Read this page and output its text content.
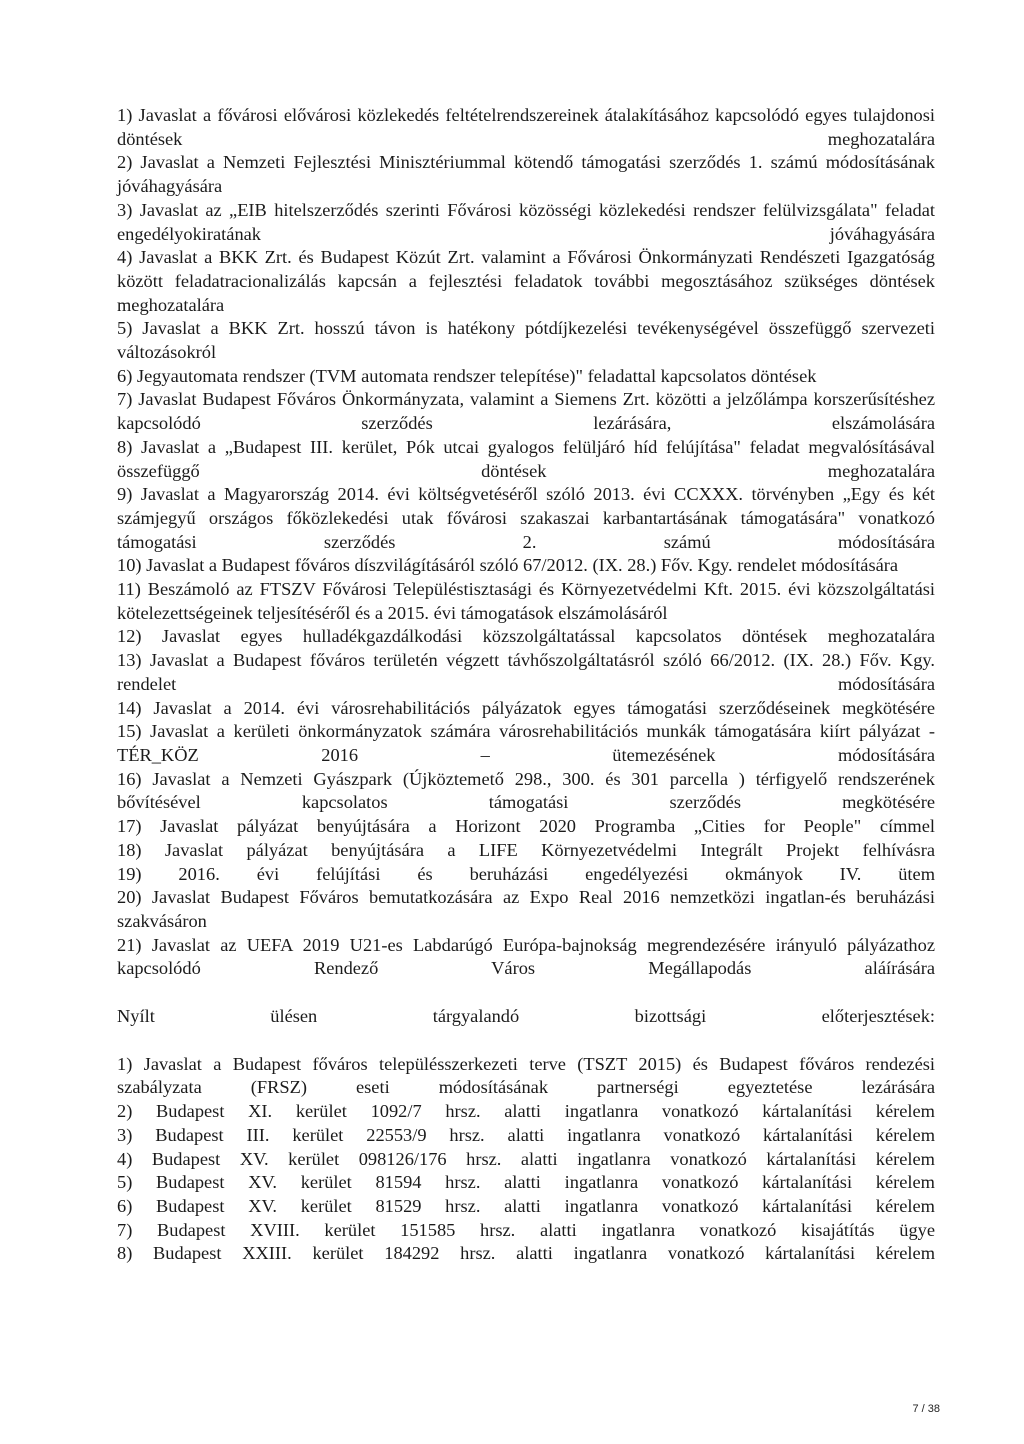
1) Javaslat a fővárosi elővárosi közlekedés feltételrendszereinek átalakításához kapcsolódó egyes tulajdonosi döntések meghozatalára
2) Javaslat a Nemzeti Fejlesztési Minisztériummal kötendő támogatási szerződés 1. számú módosításának jóváhagyására
3) Javaslat az „EIB hitelszerződés szerinti Fővárosi közösségi közlekedési rendszer felülvizsgálata" feladat engedélyokiratának jóváhagyására
4) Javaslat a BKK Zrt. és Budapest Közút Zrt. valamint a Fővárosi Önkormányzati Rendészeti Igazgatóság között feladatracionalizálás kapcsán a fejlesztési feladatok további megosztásához szükséges döntések meghozatalára
5) Javaslat a BKK Zrt. hosszú távon is hatékony pótdíjkezelési tevékenységével összefüggő szervezeti változásokról
6) Jegyautomata rendszer (TVM automata rendszer telepítése)" feladattal kapcsolatos döntések
7) Javaslat Budapest Főváros Önkormányzata, valamint a Siemens Zrt. közötti a jelzőlámpa korszerűsítéshez kapcsolódó szerződés lezárására, elszámolására
8) Javaslat a „Budapest III. kerület, Pók utcai gyalogos felüljáró híd felújítása" feladat megvalósításával összefüggő döntések meghozatalára
9) Javaslat a Magyarország 2014. évi költségvetéséről szóló 2013. évi CCXXX. törvényben „Egy és két számjegyű országos főközlekedési utak fővárosi szakaszai karbantartásának támogatására" vonatkozó támogatási szerződés 2. számú módosítására
10) Javaslat a Budapest főváros díszvilágításáról szóló 67/2012. (IX. 28.) Főv. Kgy. rendelet módosítására
11) Beszámoló az FTSZV Fővárosi Településtisztasági és Környezetvédelmi Kft. 2015. évi közszolgáltatási kötelezettségeinek teljesítéséről és a 2015. évi támogatások elszámolásáról
12) Javaslat egyes hulladékgazdálkodási közszolgáltatással kapcsolatos döntések meghozatalára
13) Javaslat a Budapest főváros területén végzett távhőszolgáltatásról szóló 66/2012. (IX. 28.) Főv. Kgy. rendelet módosítására
14) Javaslat a 2014. évi városrehabilitációs pályázatok egyes támogatási szerződéseinek megkötésére
15) Javaslat a kerületi önkormányzatok számára városrehabilitációs munkák támogatására kiírt pályázat - TÉR_KÖZ 2016 – ütemezésének módosítására
16) Javaslat a Nemzeti Gyászpark (Újköztemető 298., 300. és 301 parcella ) térfigyelő rendszerének bővítésével kapcsolatos támogatási szerződés megkötésére
17) Javaslat pályázat benyújtására a Horizont 2020 Programba „Cities for People" címmel
18) Javaslat pályázat benyújtására a LIFE Környezetvédelmi Integrált Projekt felhívásra
19) 2016. évi felújítási és beruházási engedélyezési okmányok IV. ütem
20) Javaslat Budapest Főváros bemutatkozására az Expo Real 2016 nemzetközi ingatlan-és beruházási szakvásáron
21) Javaslat az UEFA 2019 U21-es Labdarúgó Európa-bajnokság megrendezésére irányuló pályázathoz kapcsolódó Rendező Város Megállapodás aláírására
Nyílt ülésen tárgyalandó bizottsági előterjesztések:
1) Javaslat a Budapest főváros településszerkezeti terve (TSZT 2015) és Budapest főváros rendezési szabályzata (FRSZ) eseti módosításának partnerségi egyeztetése lezárására
2) Budapest XI. kerület 1092/7 hrsz. alatti ingatlanra vonatkozó kártalanítási kérelem
3) Budapest III. kerület 22553/9 hrsz. alatti ingatlanra vonatkozó kártalanítási kérelem
4) Budapest XV. kerület 098126/176 hrsz. alatti ingatlanra vonatkozó kártalanítási kérelem
5) Budapest XV. kerület 81594 hrsz. alatti ingatlanra vonatkozó kártalanítási kérelem
6) Budapest XV. kerület 81529 hrsz. alatti ingatlanra vonatkozó kártalanítási kérelem
7) Budapest XVIII. kerület 151585 hrsz. alatti ingatlanra vonatkozó kisajátítás ügye
8) Budapest XXIII. kerület 184292 hrsz. alatti ingatlanra vonatkozó kártalanítási kérelem
7 / 38
